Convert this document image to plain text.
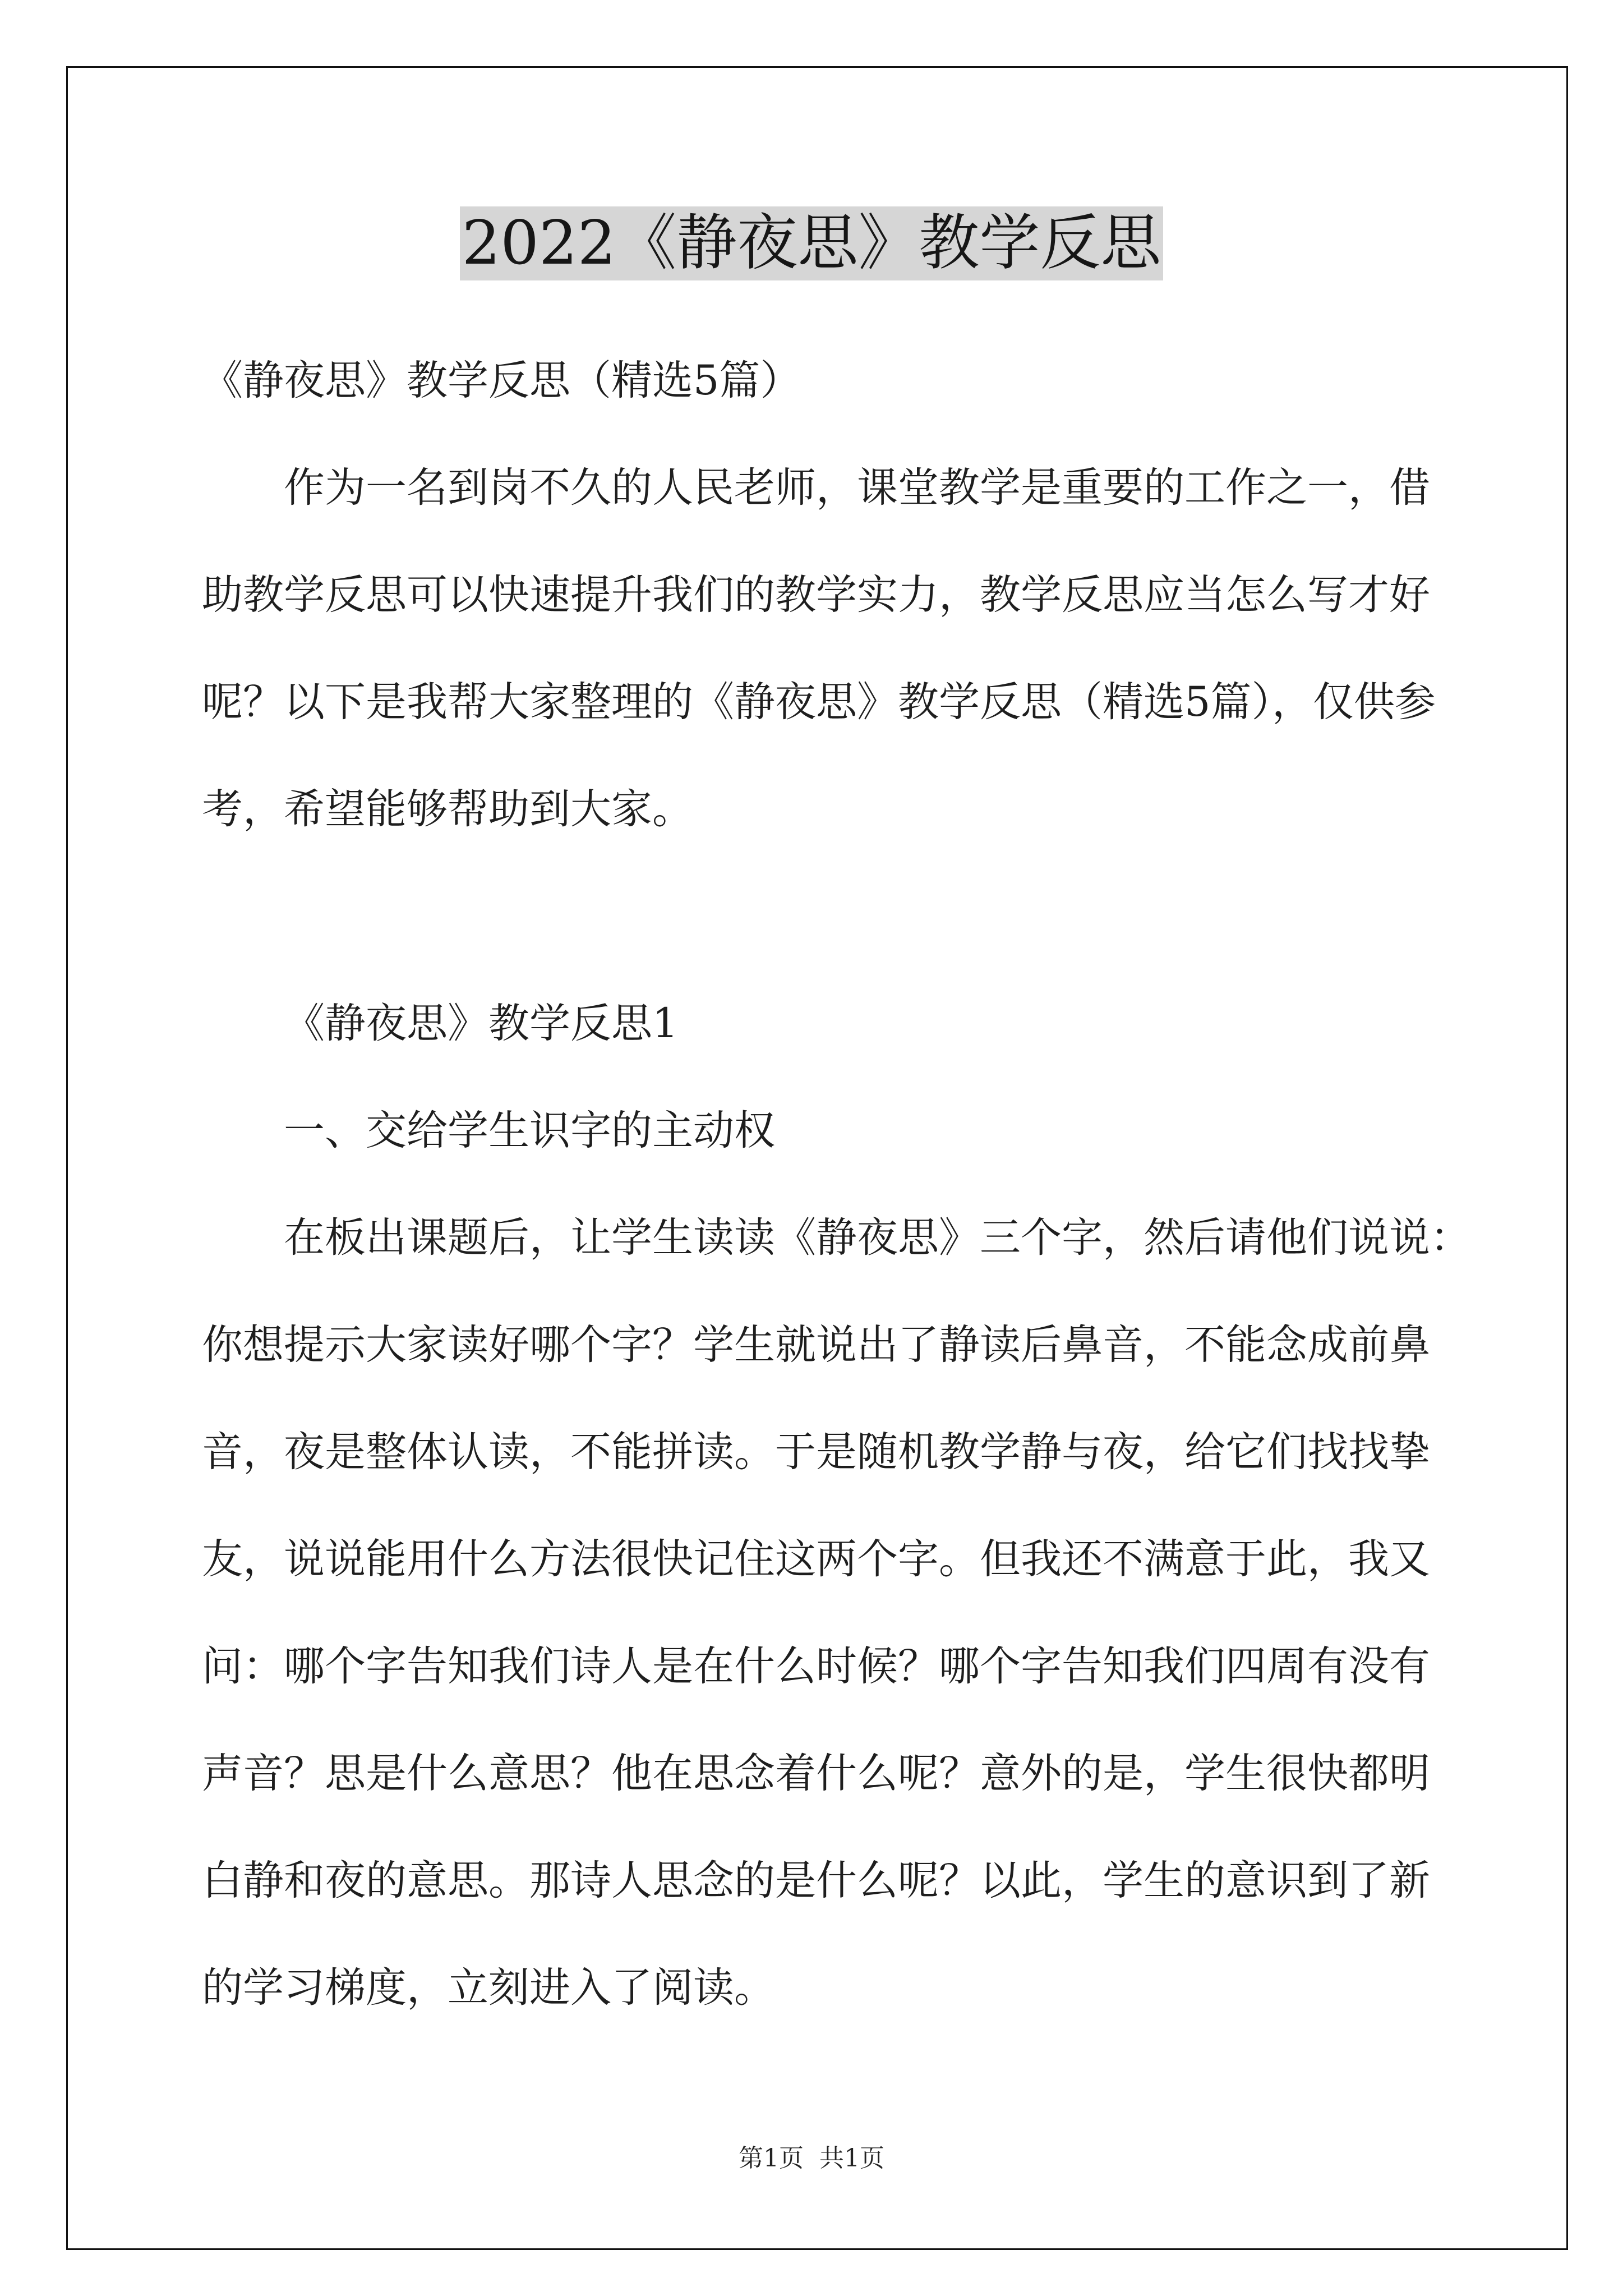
2022《静夜思》教学反思
《静夜思》教学反思（精选5篇）
作为一名到岗不久的人民老师，课堂教学是重要的工作之一，借
助教学反思可以快速提升我们的教学实力，教学反思应当怎么写才好
呢？以下是我帮大家整理的《静夜思》教学反思（精选5篇），仅供参
考，希望能够帮助到大家。
《静夜思》教学反思1
一、交给学生识字的主动权
在板出课题后，让学生读读《静夜思》三个字，然后请他们说说：
你想提示大家读好哪个字？学生就说出了静读后鼻音，不能念成前鼻
音，夜是整体认读，不能拼读。于是随机教学静与夜，给它们找找挚
友，说说能用什么方法很快记住这两个字。但我还不满意于此，我又
问：哪个字告知我们诗人是在什么时候？哪个字告知我们四周有没有
声音？思是什么意思？他在思念着什么呢？意外的是，学生很快都明
白静和夜的意思。那诗人思念的是什么呢？以此，学生的意识到了新
的学习梯度，立刻进入了阅读。
第1页  共1页
